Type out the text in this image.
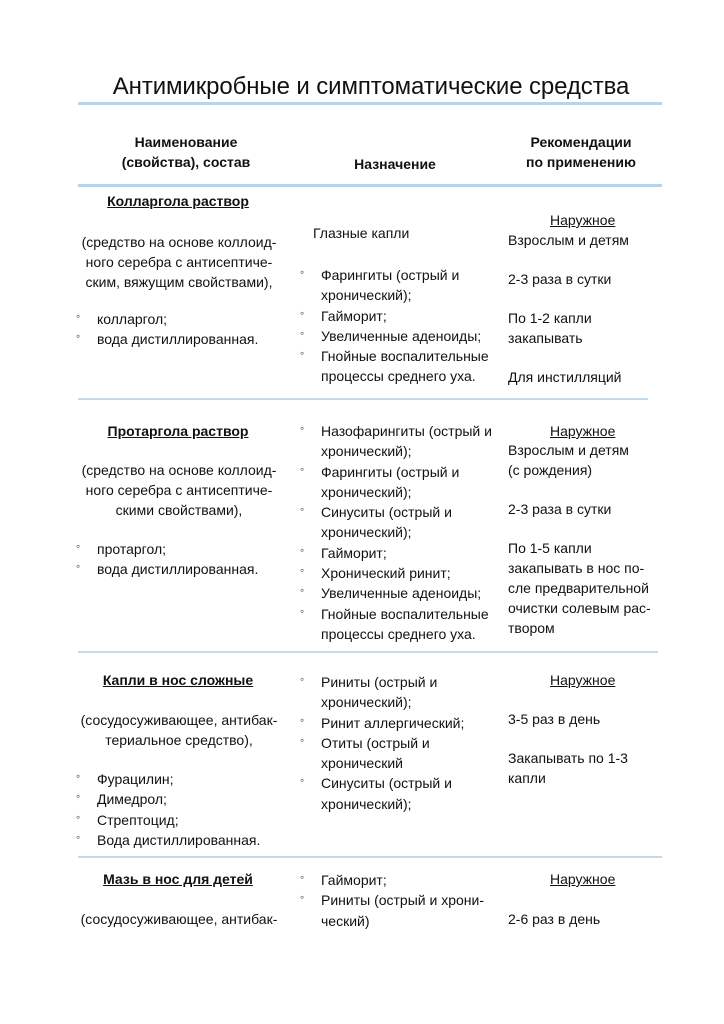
Антимикробные и симптоматические средства
Наименование
(свойства), состав	Назначение
Рекомендации
по применению
Колларгола раствор
(средство на основе коллоид-
ного серебра с антисептиче-
ским, вяжущим свойствами),
◦ колларгол;
◦ вода дистиллированная.
Глазные капли
◦ Фарингиты (острый и
хронический);
◦ Гайморит;
◦ Увеличенные аденоиды;
◦ Гнойные воспалительные
процессы среднего уха.
Наружное
Взрослым и детям
2-3 раза в сутки
По 1-2 капли
закапывать
Для инстилляций
Протаргола раствор
(средство на основе коллоид-
ного серебра с антисептиче-
скими свойствами),
◦ протаргол;
◦ вода дистиллированная.
◦ Назофарингиты (острый и
хронический);
◦ Фарингиты (острый и
хронический);
◦ Синуситы (острый и
хронический);
◦ Гайморит;
◦ Хронический ринит;
◦ Увеличенные аденоиды;
◦ Гнойные воспалительные
процессы среднего уха.
Наружное
Взрослым и детям
(с рождения)
2-3 раза в сутки
По 1-5 капли
закапывать в нос по-
сле предварительной
очистки солевым рас-
твором
Капли в нос сложные
(сосудосуживающее, антибак-
териальное средство),
◦ Фурацилин;
◦ Димедрол;
◦ Стрептоцид;
◦ Вода дистиллированная.
◦ Риниты (острый и
хронический);
◦ Ринит аллергический;
◦ Отиты (острый и
хронический
◦ Синуситы (острый и
хронический);
Наружное
3-5 раз в день
Закапывать по 1-3
капли
Мазь в нос для детей
(сосудосуживающее, антибак-
◦ Гайморит;
◦ Риниты (острый и хрони-
ческий)
Наружное
2-6 раз в день
